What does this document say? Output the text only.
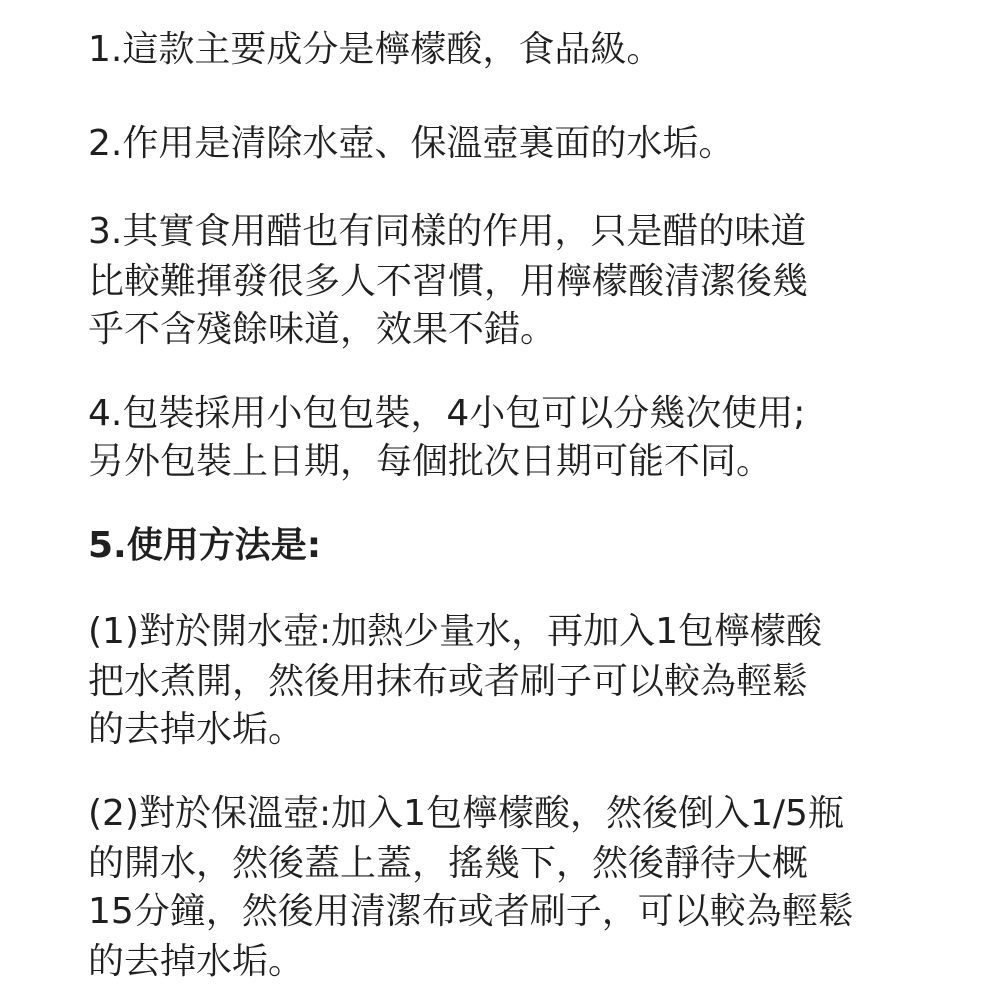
1.這款主要成分是檸檬酸，食品級。
2.作用是清除水壺、保溫壺裏面的水垢。
3.其實食用醋也有同樣的作用，只是醋的味道
比較難揮發很多人不習慣，用檸檬酸清潔後幾
乎不含殘餘味道，效果不錯。
4.包裝採用小包包裝，4小包可以分幾次使用;
另外包裝上日期，每個批次日期可能不同。
5.使用方法是:
(1)對於開水壺:加熱少量水，再加入1包檸檬酸
把水煮開，然後用抹布或者刷子可以較為輕鬆
的去掉水垢。
(2)對於保溫壺:加入1包檸檬酸，然後倒入1/5瓶
的開水，然後蓋上蓋，搖幾下，然後靜待大概
15分鐘，然後用清潔布或者刷子，可以較為輕鬆
的去掉水垢。
